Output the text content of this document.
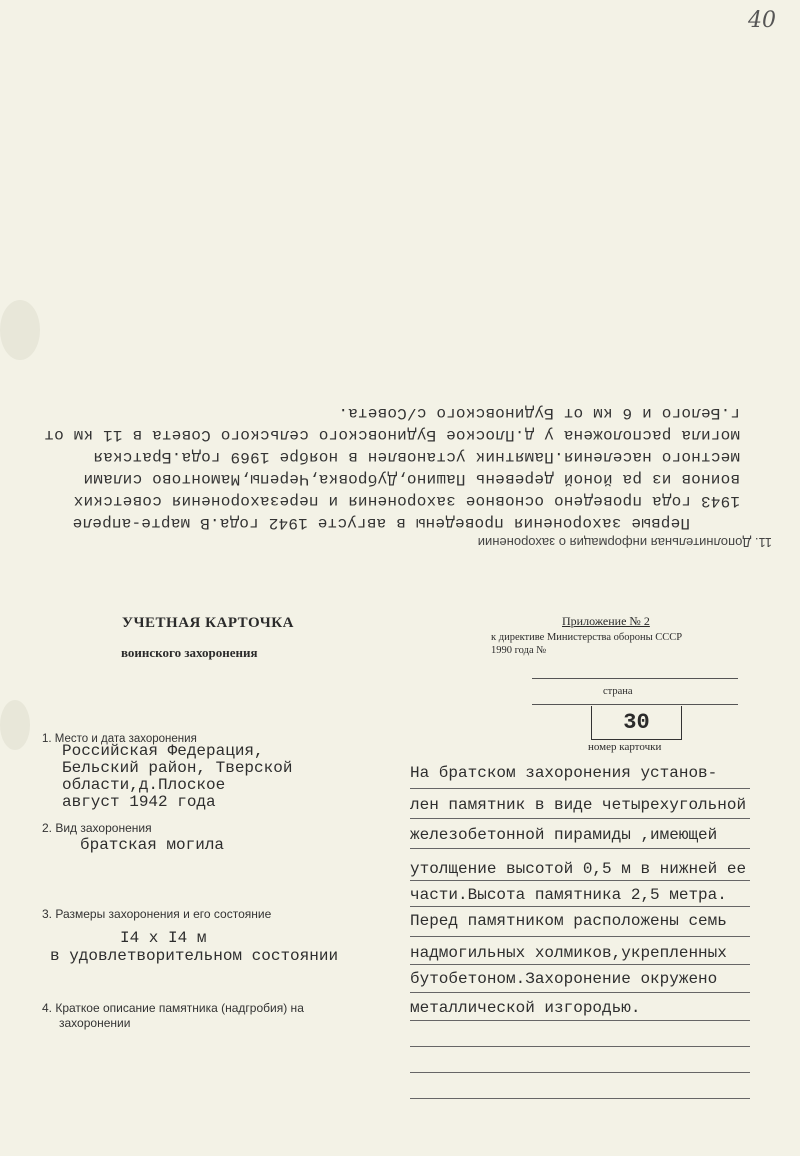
40
11. Дополнительная информация о захоронении
Первые захоронения проведены в августе 1942 года.В марте-апреле
1943 года проведено основное захоронения и перезахоронения советских
воинов из ра йоной деревень Пашино,Дубровка,Черепы,Мамонтово силами
местного населения.Памятник установлен в ноябре 1969 года.Братская
могила расположена у д.Плоское Будиновского сельского Совета в 11 км от
г.Белого и 6 км от Будиновского с/Совета.
УЧЕТНАЯ КАРТОЧКА
воинского захоронения
Приложение № 2
к директиве Министерства обороны СССР
1990 года №
страна
30
номер карточки
1. Место и дата захоронения
Российская Федерация,
Бельский район, Тверской
области,д.Плоское
август 1942 года
2. Вид захоронения
братская могила
3. Размеры захоронения и его состояние
I4 x I4 м
в удовлетворительном состоянии
4. Краткое описание памятника (надгробия) на
захоронении
На братском захоронения установ-
лен памятник в виде четырехугольной
железобетонной пирамиды ,имеющей
утолщение высотой 0,5 м в нижней ее
части.Высота памятника 2,5 метра.
Перед памятником расположены семь
надмогильных холмиков,укрепленных
бутобетоном.Захоронение окружено
металлической изгородью.
